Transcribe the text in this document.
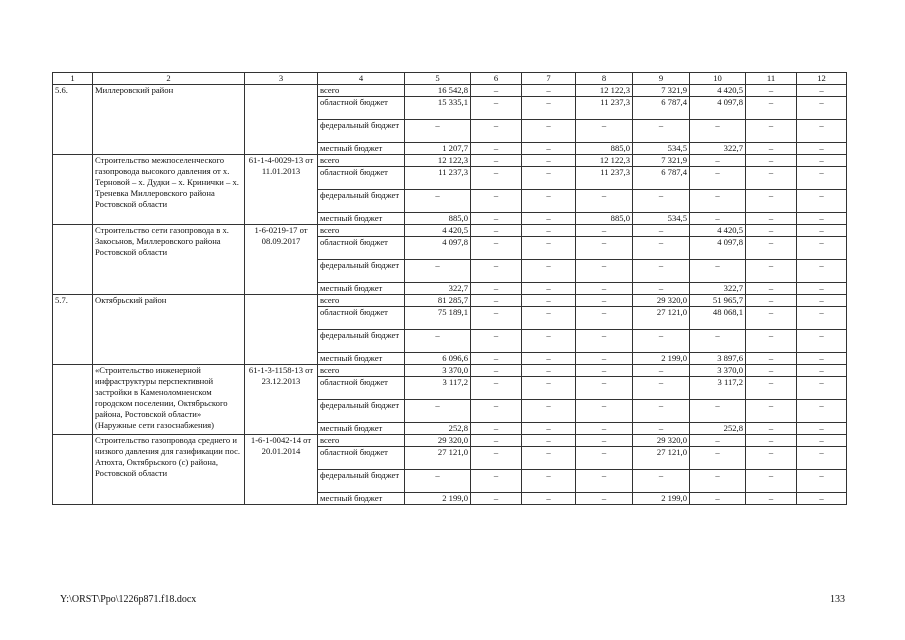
1	2	3	4	5	6	7	8	9	10	11	12
5.6.	Миллеровский район		всего	16 542,8	–	–	12 122,3	7 321,9	4 420,5	–	–
			областной бюджет	15 335,1	–	–	11 237,3	6 787,4	4 097,8	–	–
			федеральный бюджет	–	–	–	–	–	–	–	–
			местный бюджет	1 207,7	–	–	885,0	534,5	322,7	–	–
	Строительство межпоселенческого газопровода высокого давления от х. Терновой – х. Дудки – х. Кринички – х. Треневка Миллеровского района Ростовской области	61-1-4-0029-13 от 11.01.2013	всего	12 122,3	–	–	12 122,3	7 321,9	–	–	–
			областной бюджет	11 237,3	–	–	11 237,3	6 787,4	–	–	–
			федеральный бюджет	–	–	–	–	–	–	–	–
			местный бюджет	885,0	–	–	885,0	534,5	–	–	–
	Строительство сети газопровода в х. Закосьнов, Миллеровского района Ростовской области	1-6-0219-17 от 08.09.2017	всего	4 420,5	–	–	–	–	4 420,5	–	–
			областной бюджет	4 097,8	–	–	–	–	4 097,8	–	–
			федеральный бюджет	–	–	–	–	–	–	–	–
			местный бюджет	322,7	–	–	–	–	322,7	–	–
5.7.	Октябрьский район		всего	81 285,7	–	–	–	29 320,0	51 965,7	–	–
			областной бюджет	75 189,1	–	–	–	27 121,0	48 068,1	–	–
			федеральный бюджет	–	–	–	–	–	–	–	–
			местный бюджет	6 096,6	–	–	–	2 199,0	3 897,6	–	–
	«Строительство инженерной инфраструктуры перспективной застройки в Каменоломненском городском поселении, Октябрьского района, Ростовской области» (Наружные сети газоснабжения)	61-1-3-1158-13 от 23.12.2013	всего	3 370,0	–	–	–	–	3 370,0	–	–
			областной бюджет	3 117,2	–	–	–	–	3 117,2	–	–
			федеральный бюджет	–	–	–	–	–	–	–	–
			местный бюджет	252,8	–	–	–	–	252,8	–	–
	Строительство газопровода среднего и низкого давления для газификации пос. Атюхта, Октябрьского (с) района, Ростовской области	1-6-1-0042-14 от 20.01.2014	всего	29 320,0	–	–	–	29 320,0	–	–	–
			областной бюджет	27 121,0	–	–	–	27 121,0	–	–	–
			федеральный бюджет	–	–	–	–	–	–	–	–
			местный бюджет	2 199,0	–	–	–	2 199,0	–	–	–
Y:\ORST\Ppo\1226p871.f18.docx	133
